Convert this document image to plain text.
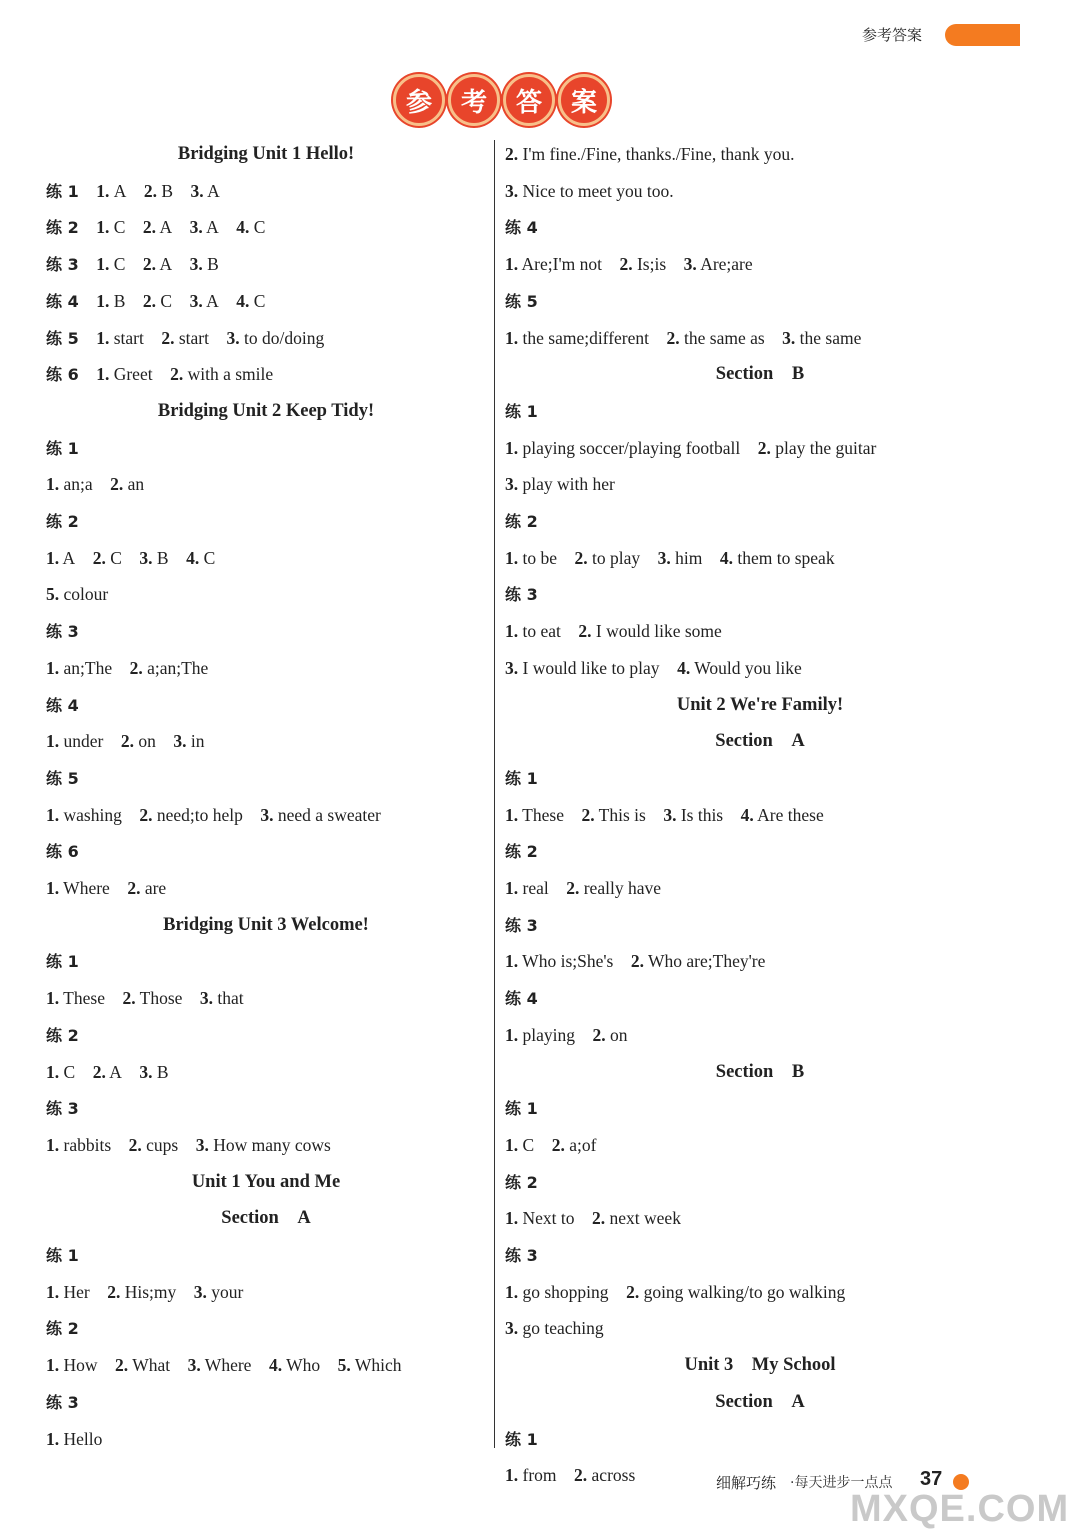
参考答案
参	考	答	案
Bridging Unit 1 Hello!
练 1  1. A  2. B  3. A
练 2  1. C  2. A  3. A  4. C
练 3  1. C  2. A  3. B
练 4  1. B  2. C  3. A  4. C
练 5  1. start  2. start  3. to do/doing
练 6  1. Greet  2. with a smile
Bridging Unit 2 Keep Tidy!
练 1
1. an;a  2. an
练 2
1. A  2. C  3. B  4. C
5. colour
练 3
1. an;The  2. a;an;The
练 4
1. under  2. on  3. in
练 5
1. washing  2. need;to help  3. need a sweater
练 6
1. Where  2. are
Bridging Unit 3 Welcome!
练 1
1. These  2. Those  3. that
练 2
1. C  2. A  3. B
练 3
1. rabbits  2. cups  3. How many cows
Unit 1 You and Me
Section　A
练 1
1. Her  2. His;my  3. your
练 2
1. How  2. What  3. Where  4. Who  5. Which
练 3
1. Hello
2. I'm fine./Fine, thanks./Fine, thank you.
3. Nice to meet you too.
练 4
1. Are;I'm not  2. Is;is  3. Are;are
练 5
1. the same;different  2. the same as  3. the same
Section　B
练 1
1. playing soccer/playing football  2. play the guitar
3. play with her
练 2
1. to be  2. to play  3. him  4. them to speak
练 3
1. to eat  2. I would like some
3. I would like to play  4. Would you like
Unit 2 We're Family!
Section　A
练 1
1. These  2. This is  3. Is this  4. Are these
练 2
1. real  2. really have
练 3
1. Who is;She's  2. Who are;They're
练 4
1. playing  2. on
Section　B
练 1
1. C  2. a;of
练 2
1. Next to  2. next week
练 3
1. go shopping  2. going walking/to go walking
3. go teaching
Unit 3　My School
Section　A
练 1
1. from  2. across	细解巧练 ·每天进步一点点 37
MXQE.COM
